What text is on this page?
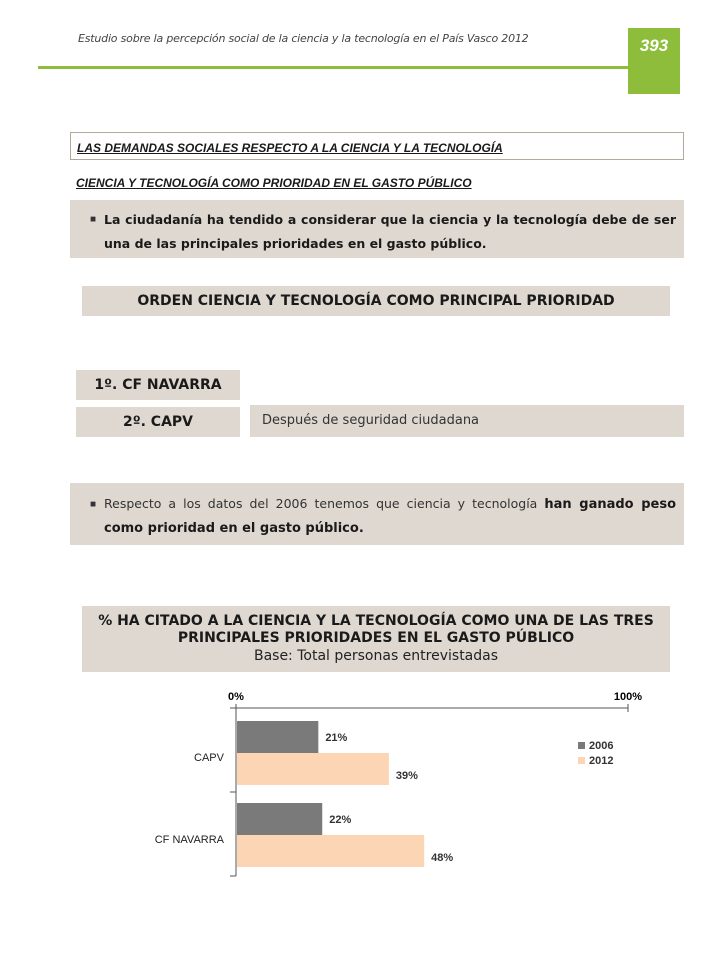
Estudio sobre la percepción social de la ciencia y la tecnología en el País Vasco 2012	393
LAS DEMANDAS SOCIALES RESPECTO A LA CIENCIA Y LA TECNOLOGÍA
CIENCIA Y TECNOLOGÍA COMO PRIORIDAD EN EL GASTO PÚBLICO
■ La ciudadanía ha tendido a considerar que la ciencia y la tecnología debe de ser una de las principales prioridades en el gasto público.
ORDEN CIENCIA Y TECNOLOGÍA COMO PRINCIPAL PRIORIDAD
1º. CF NAVARRA
2º. CAPV	Después de seguridad ciudadana
■ Respecto a los datos del 2006 tenemos que ciencia y tecnología han ganado peso como prioridad en el gasto público.
% HA CITADO A LA CIENCIA Y LA TECNOLOGÍA COMO UNA DE LAS TRES PRINCIPALES PRIORIDADES EN EL GASTO PÚBLICO
Base: Total personas entrevistadas
0%	100%
21%
39%
CAPV
22%
48%
CF NAVARRA
2006
2012
